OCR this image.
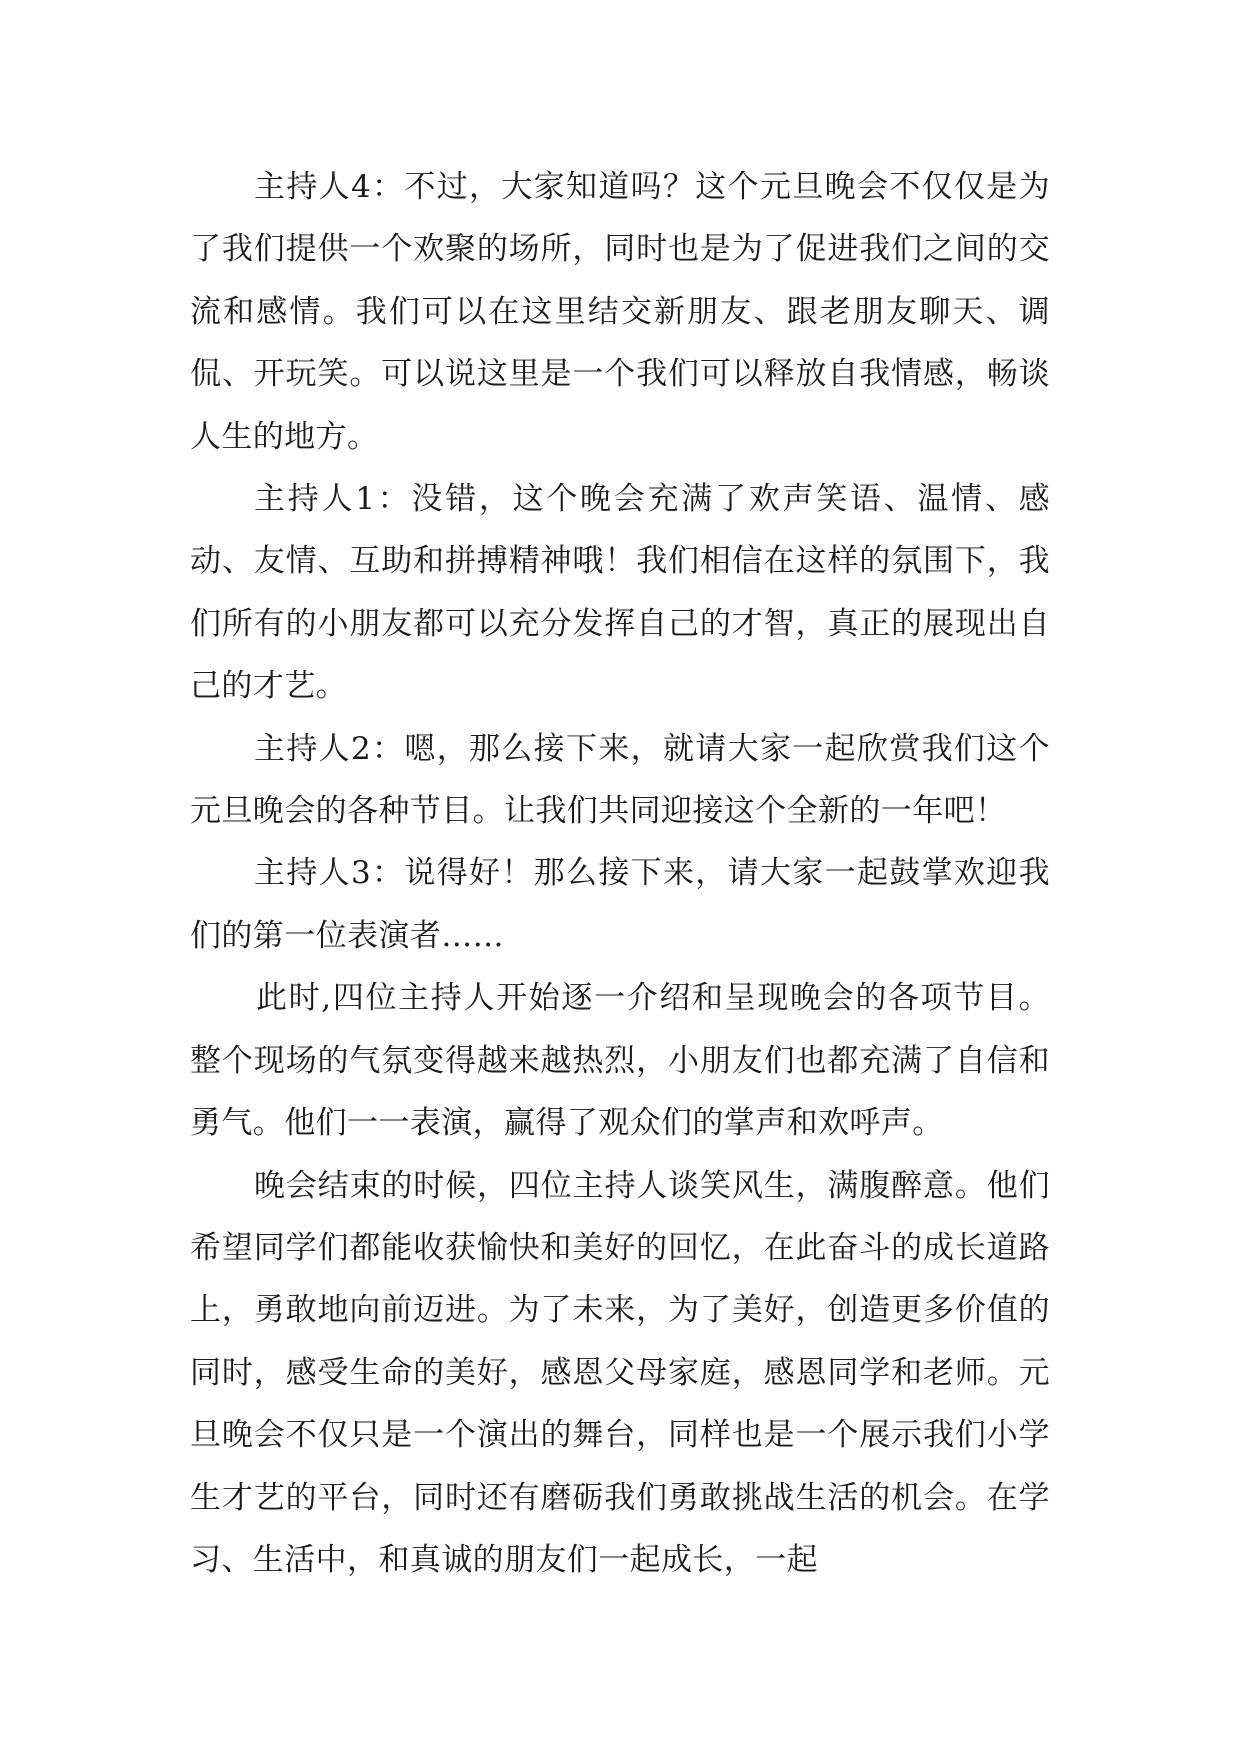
主持人4：不过，大家知道吗？这个元旦晚会不仅仅是为了我们提供一个欢聚的场所，同时也是为了促进我们之间的交流和感情。我们可以在这里结交新朋友、跟老朋友聊天、调侃、开玩笑。可以说这里是一个我们可以释放自我情感，畅谈人生的地方。

主持人1：没错，这个晚会充满了欢声笑语、温情、感动、友情、互助和拼搏精神哦！我们相信在这样的氛围下，我们所有的小朋友都可以充分发挥自己的才智，真正的展现出自己的才艺。

主持人2：嗯，那么接下来，就请大家一起欣赏我们这个元旦晚会的各种节目。让我们共同迎接这个全新的一年吧！

主持人3：说得好！那么接下来，请大家一起鼓掌欢迎我们的第一位表演者……

此时,四位主持人开始逐一介绍和呈现晚会的各项节目。整个现场的气氛变得越来越热烈，小朋友们也都充满了自信和勇气。他们一一表演，赢得了观众们的掌声和欢呼声。

晚会结束的时候，四位主持人谈笑风生，满腹醉意。他们希望同学们都能收获愉快和美好的回忆，在此奋斗的成长道路上，勇敢地向前迈进。为了未来，为了美好，创造更多价值的同时，感受生命的美好，感恩父母家庭，感恩同学和老师。元旦晚会不仅只是一个演出的舞台，同样也是一个展示我们小学生才艺的平台，同时还有磨砺我们勇敢挑战生活的机会。在学习、生活中，和真诚的朋友们一起成长，一起
